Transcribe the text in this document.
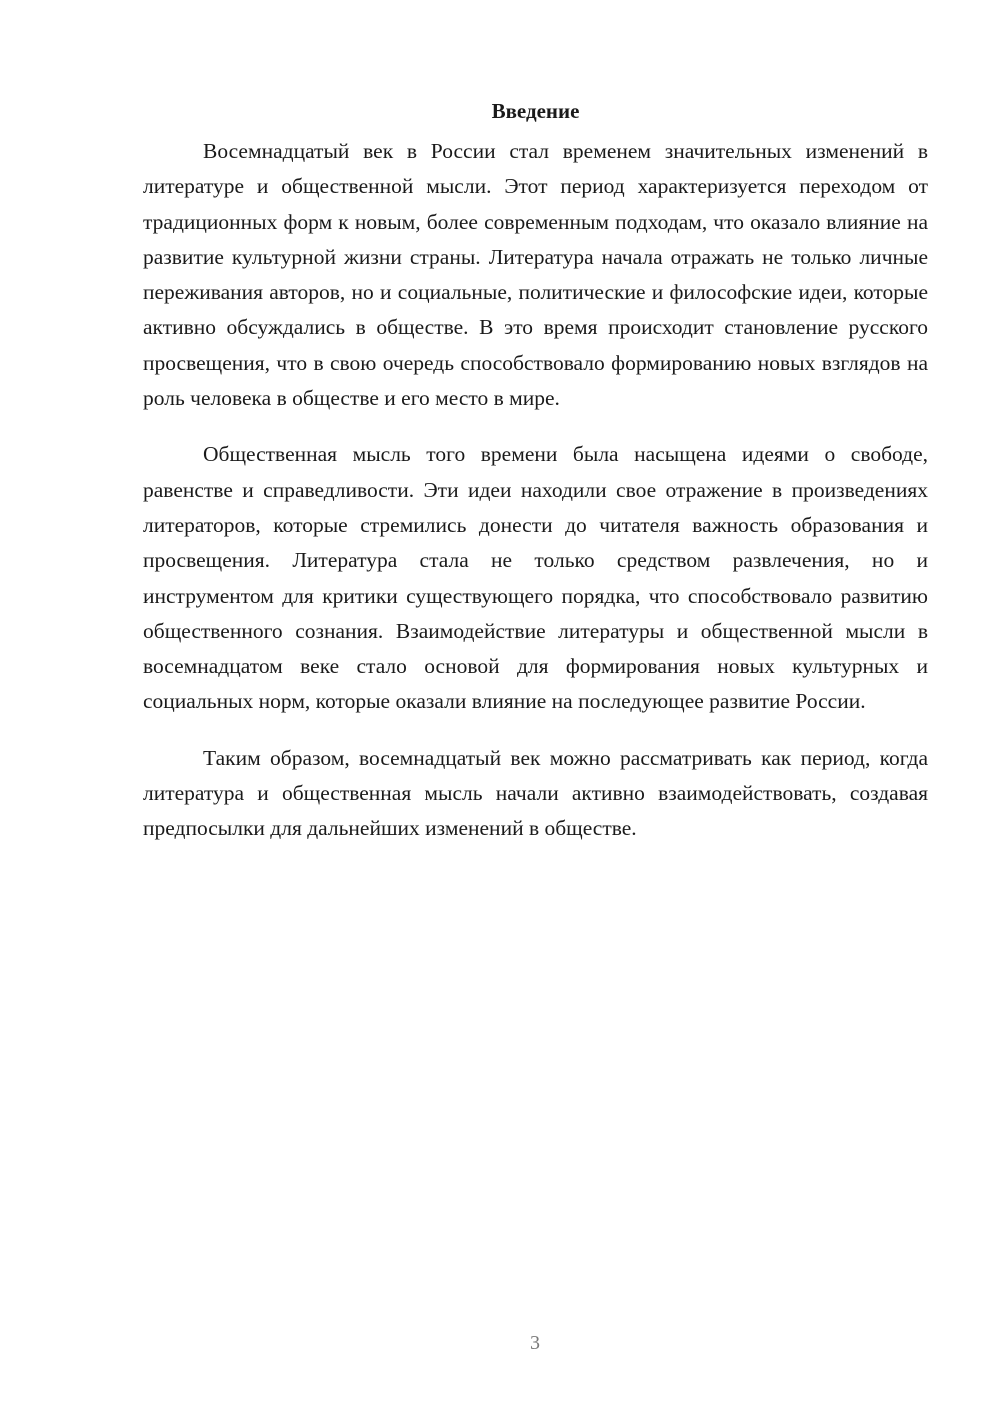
Введение

Восемнадцатый век в России стал временем значительных изменений в литературе и общественной мысли. Этот период характеризуется переходом от традиционных форм к новым, более современным подходам, что оказало влияние на развитие культурной жизни страны. Литература начала отражать не только личные переживания авторов, но и социальные, политические и философские идеи, которые активно обсуждались в обществе. В это время происходит становление русского просвещения, что в свою очередь способствовало формированию новых взглядов на роль человека в обществе и его место в мире.

Общественная мысль того времени была насыщена идеями о свободе, равенстве и справедливости. Эти идеи находили свое отражение в произведениях литераторов, которые стремились донести до читателя важность образования и просвещения. Литература стала не только средством развлечения, но и инструментом для критики существующего порядка, что способствовало развитию общественного сознания. Взаимодействие литературы и общественной мысли в восемнадцатом веке стало основой для формирования новых культурных и социальных норм, которые оказали влияние на последующее развитие России.

Таким образом, восемнадцатый век можно рассматривать как период, когда литература и общественная мысль начали активно взаимодействовать, создавая предпосылки для дальнейших изменений в обществе.

3
